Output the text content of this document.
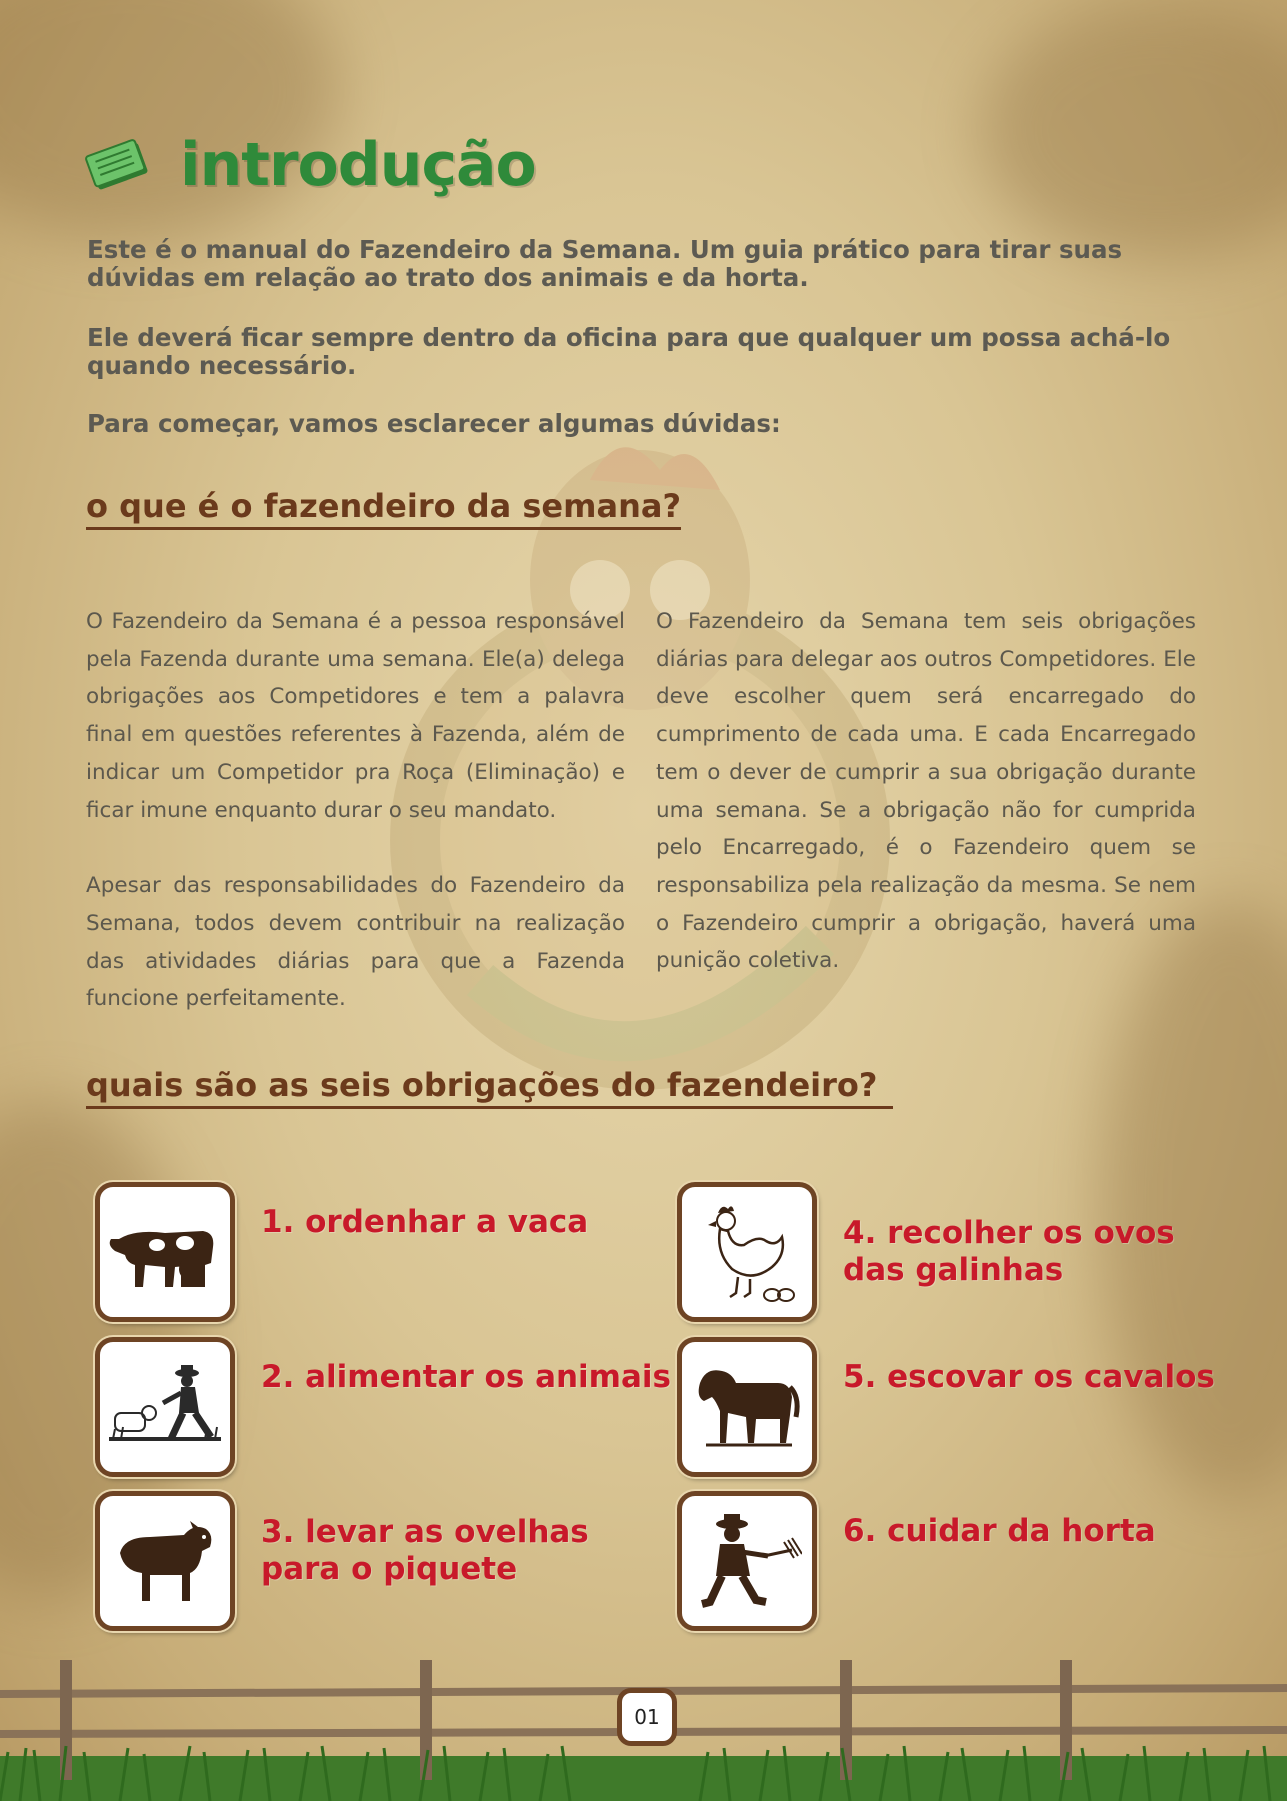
introdução
Este é o manual do Fazendeiro da Semana. Um guia prático para tirar suas dúvidas em relação ao trato dos animais e da horta.
Ele deverá ficar sempre dentro da oficina para que qualquer um possa achá-lo quando necessário.
Para começar, vamos esclarecer algumas dúvidas:
o que é o fazendeiro da semana?

O Fazendeiro da Semana é a pessoa responsável pela Fazenda durante uma semana. Ele(a) delega obrigações aos Competidores e tem a palavra final em questões referentes à Fazenda, além de indicar um Competidor pra Roça (Eliminação) e ficar imune enquanto durar o seu mandato.

Apesar das responsabilidades do Fazendeiro da Semana, todos devem contribuir na realização das atividades diárias para que a Fazenda funcione perfeitamente.

O Fazendeiro da Semana tem seis obrigações diárias para delegar aos outros Competidores. Ele deve escolher quem será encarregado do cumprimento de cada uma. E cada Encarregado tem o dever de cumprir a sua obrigação durante uma semana. Se a obrigação não for cumprida pelo Encarregado, é o Fazendeiro quem se responsabiliza pela realização da mesma. Se nem o Fazendeiro cumprir a obrigação, haverá uma punição coletiva.

quais são as seis obrigações do fazendeiro?
1. ordenhar a vaca
2. alimentar os animais
3. levar as ovelhas
para o piquete
4. recolher os ovos
das galinhas
5. escovar os cavalos
6. cuidar da horta
01
